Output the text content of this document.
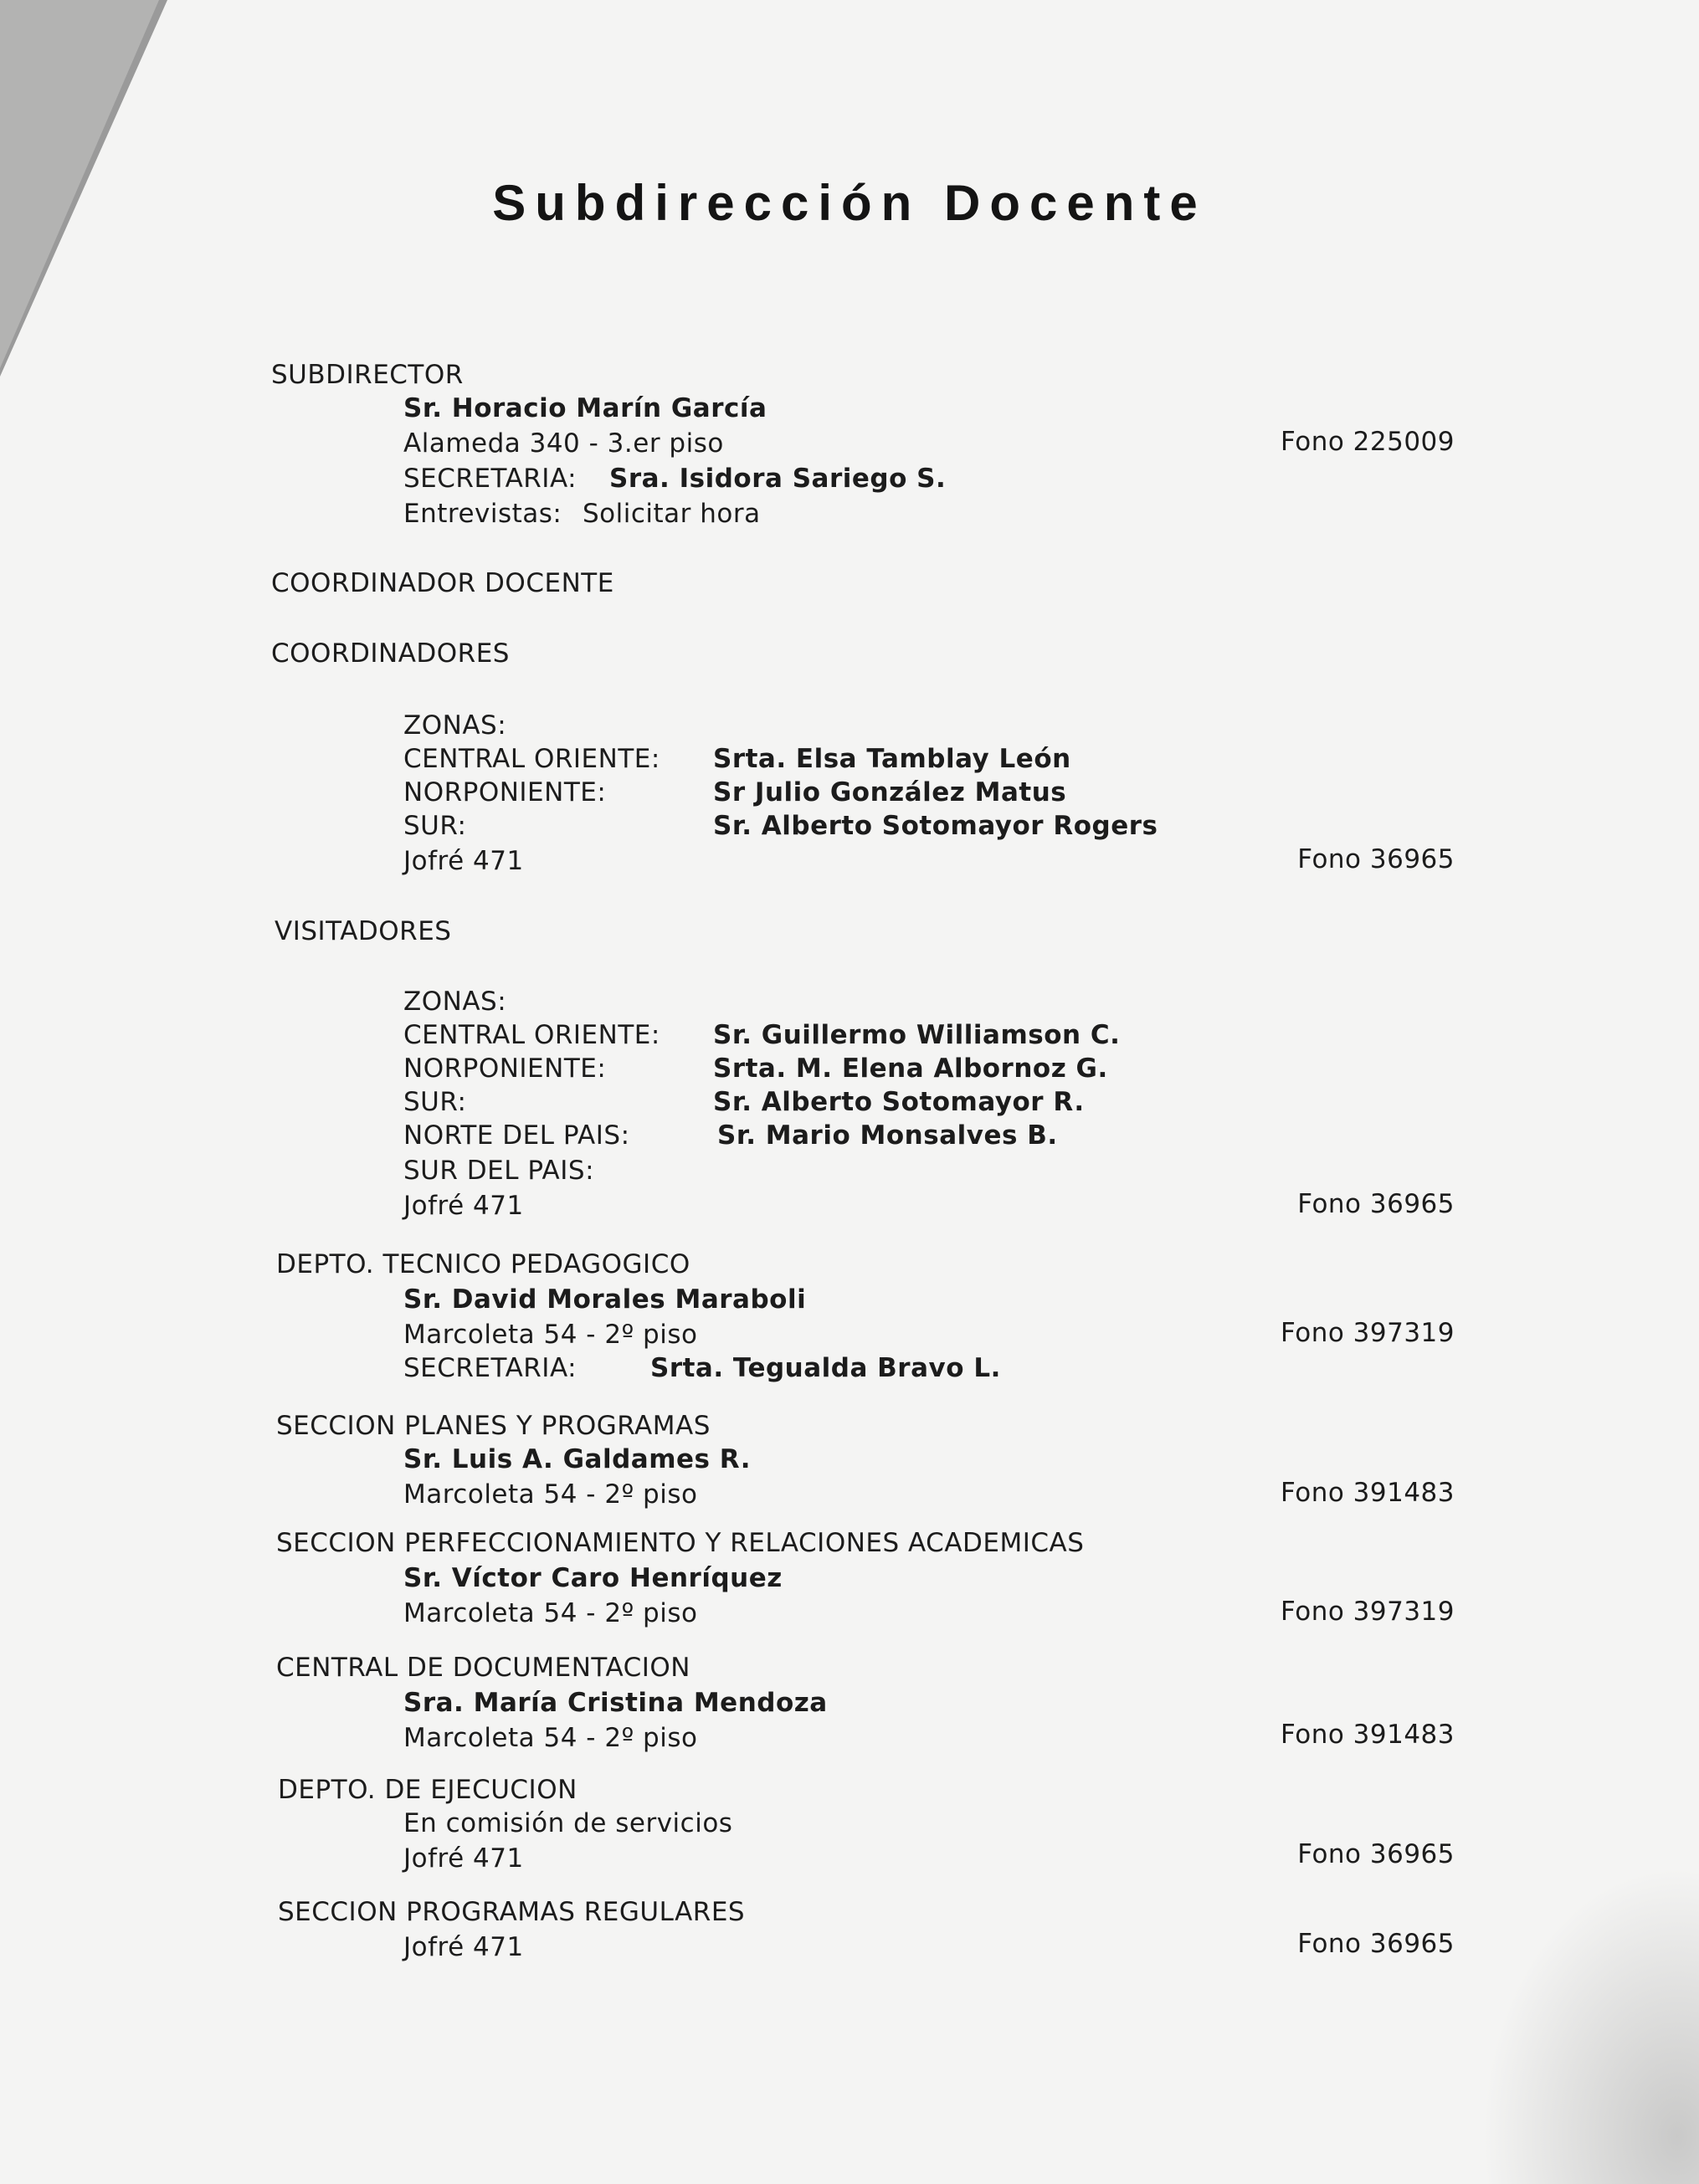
Subdirección Docente
SUBDIRECTOR
Sr. Horacio Marín García
Alameda 340 - 3.er piso	Fono 225009
SECRETARIA: Sra. Isidora Sariego S.
Entrevistas: Solicitar hora
COORDINADOR DOCENTE
COORDINADORES
ZONAS:
CENTRAL ORIENTE: Srta. Elsa Tamblay León
NORPONIENTE:	Sr Julio González Matus
SUR:	Sr. Alberto Sotomayor Rogers
Jofré 471	Fono 36965
VISITADORES
ZONAS:
CENTRAL ORIENTE: Sr. Guillermo Williamson C.
NORPONIENTE:	Srta. M. Elena Albornoz G.
SUR:	Sr. Alberto Sotomayor R.
NORTE DEL PAIS:	Sr. Mario Monsalves B.
SUR DEL PAIS:
Jofré 471	Fono 36965
DEPTO. TECNICO PEDAGOGICO
Sr. David Morales Maraboli
Marcoleta 54 - 2º piso	Fono 397319
SECRETARIA:	Srta. Tegualda Bravo L.
SECCION PLANES Y PROGRAMAS
Sr. Luis A. Galdames R.
Marcoleta 54 - 2º piso	Fono 391483
SECCION PERFECCIONAMIENTO Y RELACIONES ACADEMICAS
Sr. Víctor Caro Henríquez
Marcoleta 54 - 2º piso	Fono 397319
CENTRAL DE DOCUMENTACION
Sra. María Cristina Mendoza
Marcoleta 54 - 2º piso	Fono 391483
DEPTO. DE EJECUCION
En comisión de servicios
Jofré 471	Fono 36965
SECCION PROGRAMAS REGULARES
Jofré 471	Fono 36965
